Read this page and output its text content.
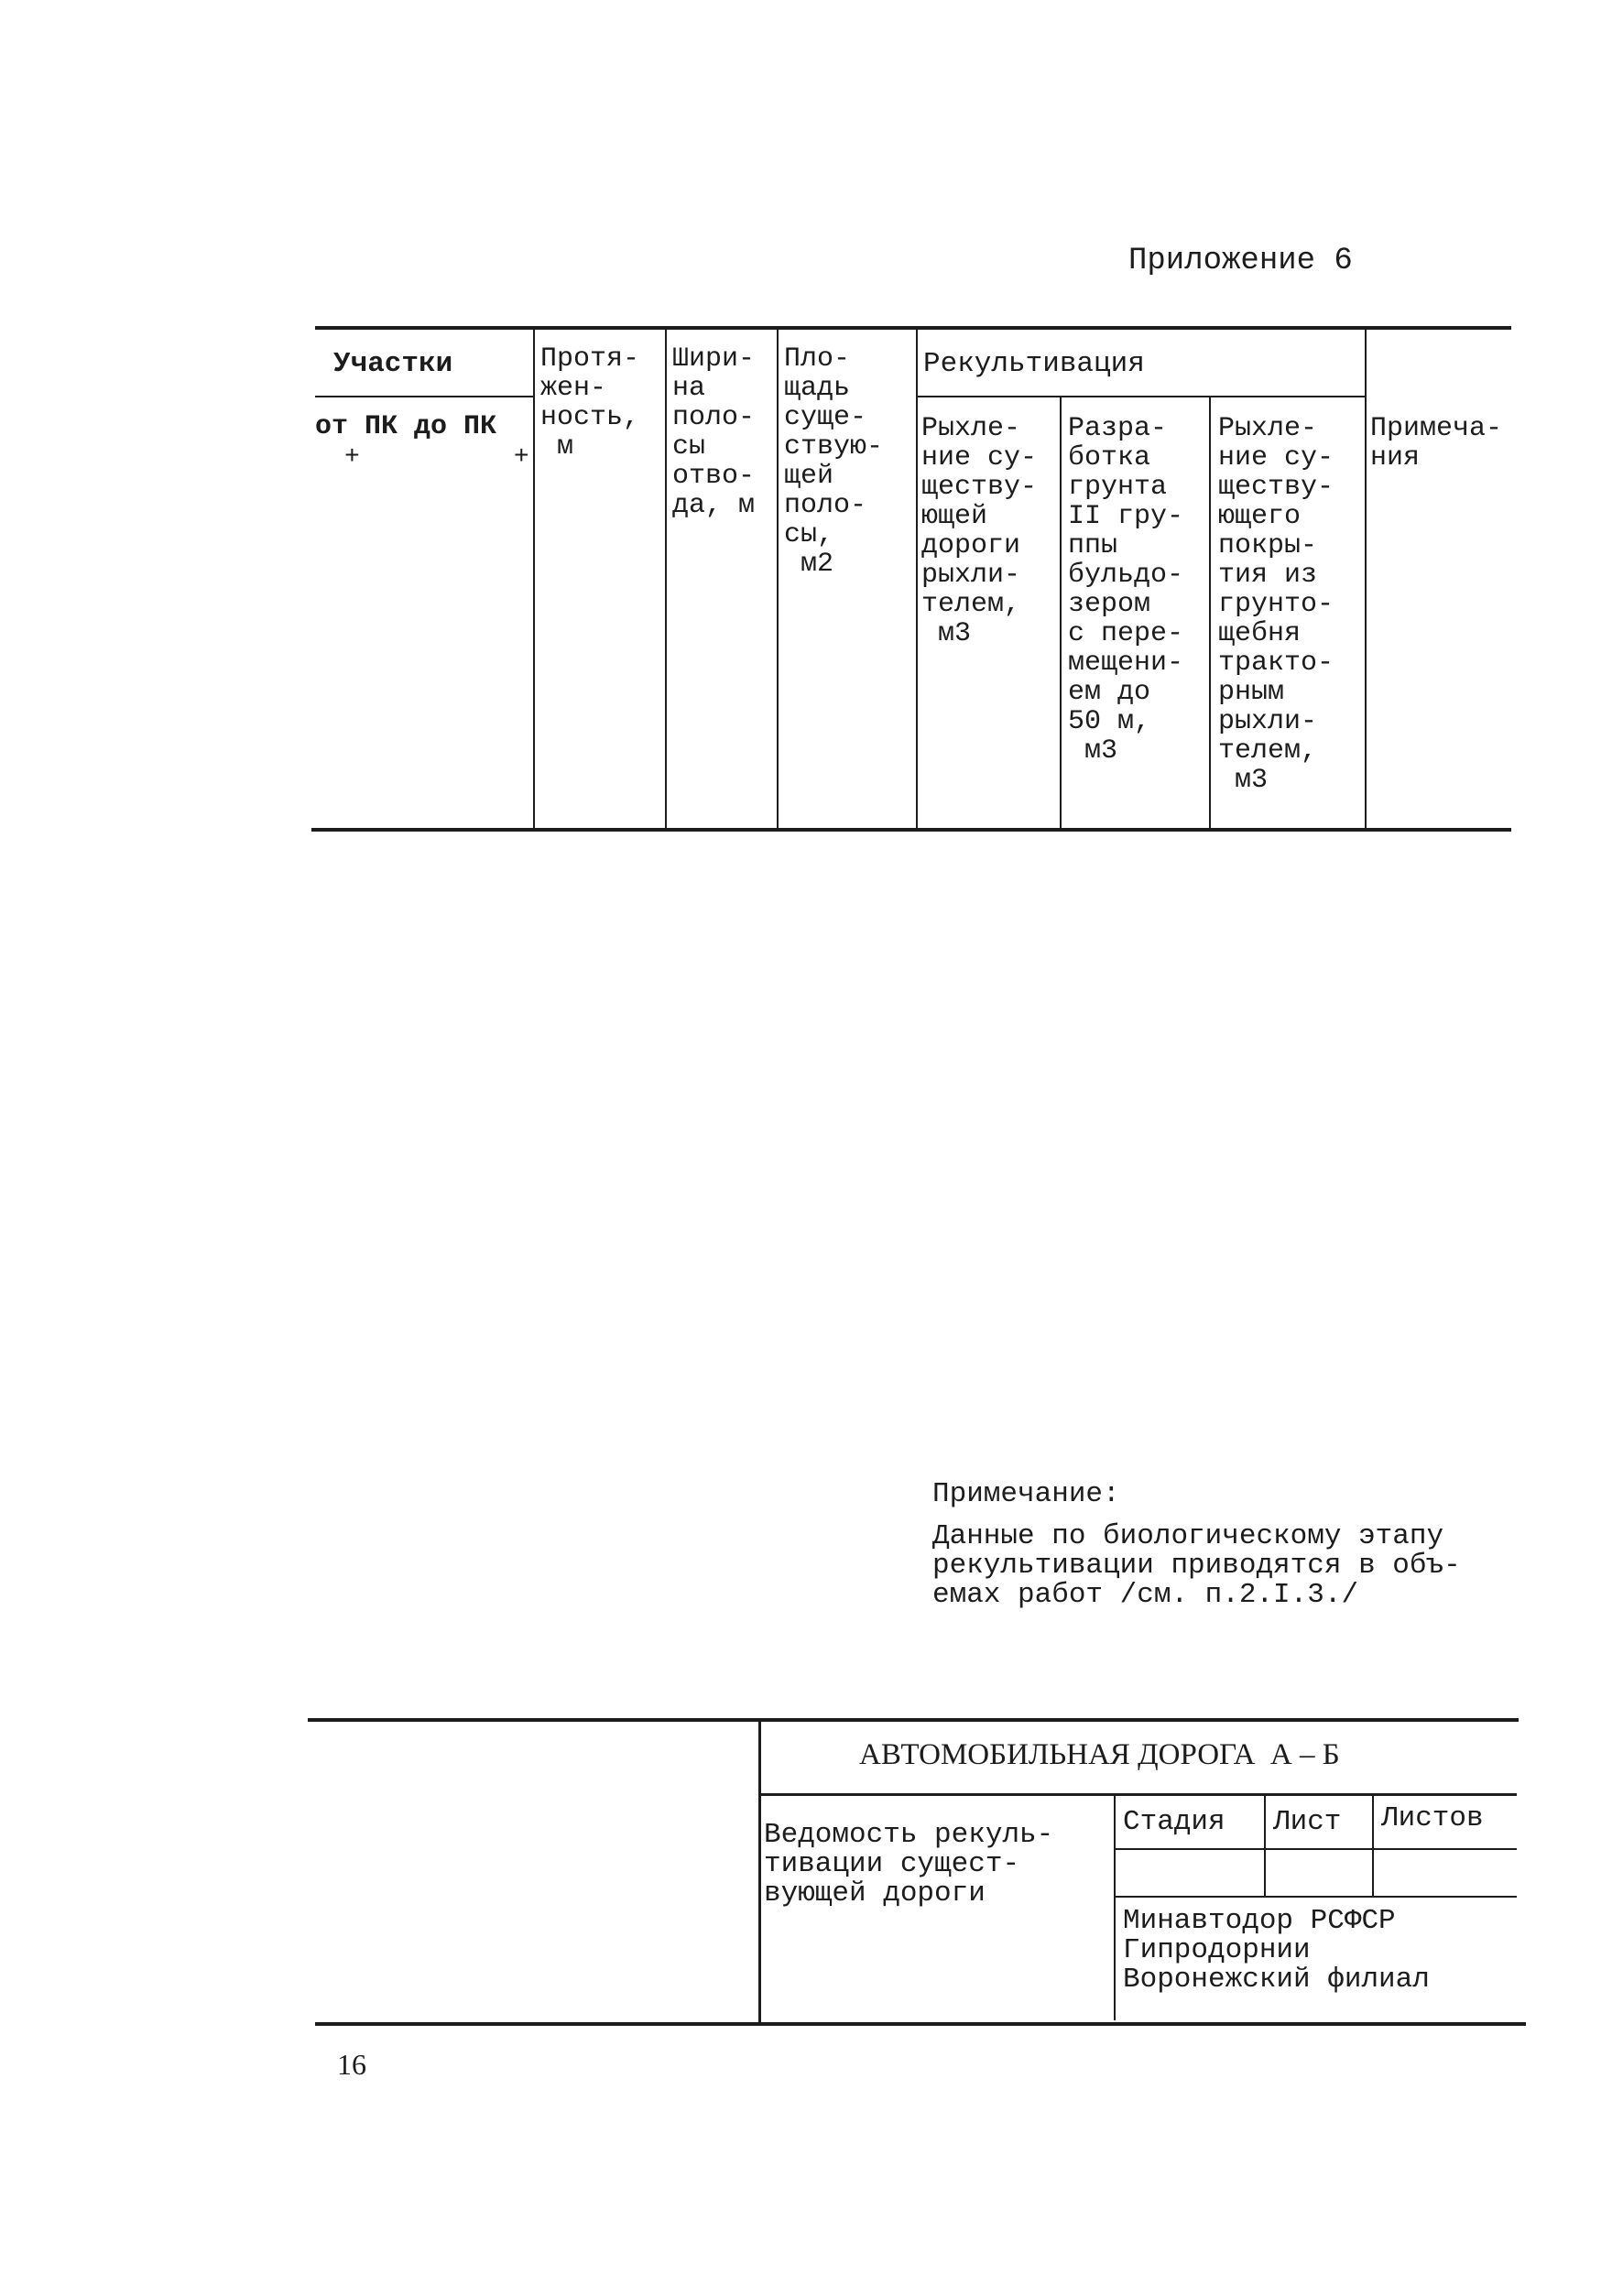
Приложение 6
Участки
от ПК до ПК
+          +
Протя-
жен-
ность,
м
Шири-
на
поло-
сы
отво-
да, м
Пло-
щадь
суще-
ствую-
щей
поло-
сы,
м2
Рекультивация
Рыхле-
ние су-
ществу-
ющей
дороги
рыхли-
телем,
м3
Разра-
ботка
грунта
II гру-
ппы
бульдо-
зером
с пере-
мещени-
ем до
50 м,
м3
Рыхле-
ние су-
ществу-
ющего
покры-
тия из
грунто-
щебня
тракто-
рным
рыхли-
телем,
м3
Примеча-
ния
Примечание:
Данные по биологическому этапу
рекультивации приводятся в объ-
емах работ /см. п.2.I.3./
АВТОМОБИЛЬНАЯ ДОРОГА  А – Б
Ведомость рекуль-
тивации сущест-
вующей дороги
Стадия Лист Листов
Минавтодор РСФСР
Гипродорнии
Воронежский филиал
16
